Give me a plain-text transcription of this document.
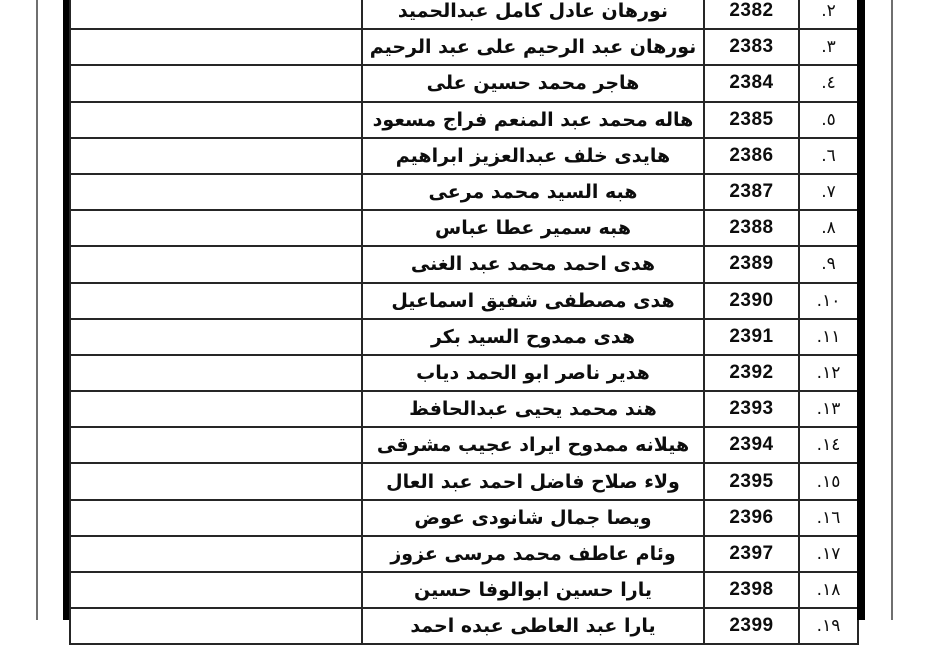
.٢	2382	نورهان عادل كامل عبدالحميد	
.٣	2383	نورهان عبد الرحيم على عبد الرحيم	
.٤	2384	هاجر محمد حسين على	
.٥	2385	هاله محمد عبد المنعم فراج مسعود	
.٦	2386	هايدى خلف عبدالعزيز ابراهيم	
.٧	2387	هبه السيد محمد مرعى	
.٨	2388	هبه سمير عطا عباس	
.٩	2389	هدى احمد محمد عبد الغنى	
.١٠	2390	هدى مصطفى شفيق اسماعيل	
.١١	2391	هدى ممدوح السيد بكر	
.١٢	2392	هدير ناصر ابو الحمد دياب	
.١٣	2393	هند محمد يحيى عبدالحافظ	
.١٤	2394	هيلانه ممدوح ايراد عجيب مشرقى	
.١٥	2395	ولاء صلاح فاضل احمد عبد العال	
.١٦	2396	ويصا جمال شانودى عوض	
.١٧	2397	وئام عاطف محمد مرسى عزوز	
.١٨	2398	يارا حسين ابوالوفا حسين	
.١٩	2399	يارا عبد العاطى عبده احمد	
